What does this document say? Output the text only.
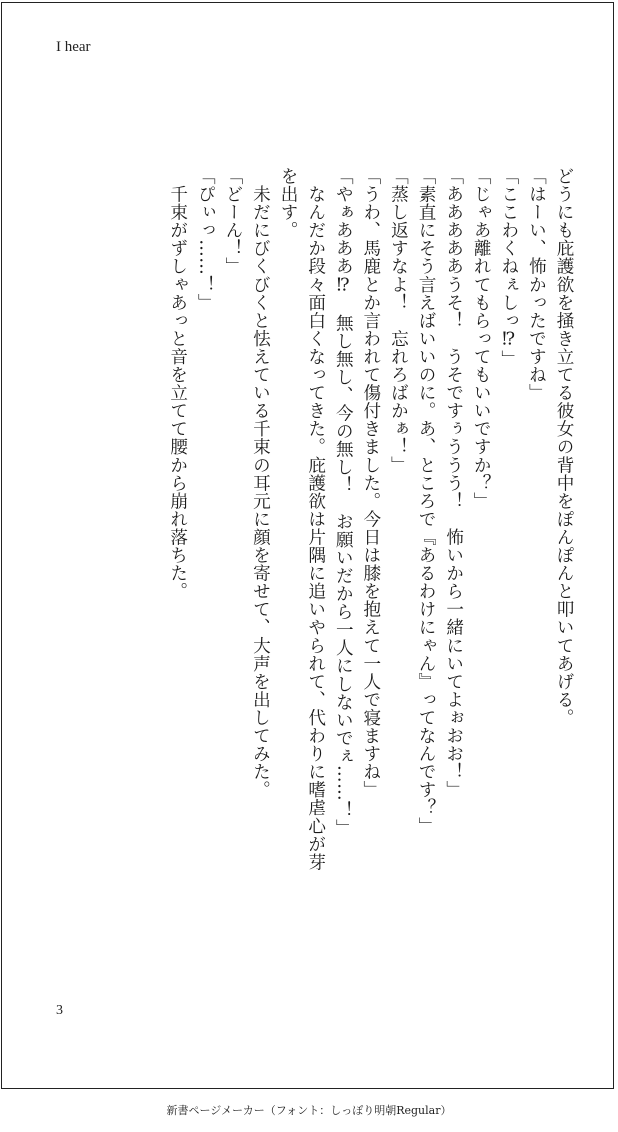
I hear
どうにも庇護欲を掻き立てる彼女の背中をぽんぽんと叩いてあげる。
「はーい、怖かったですね」
「ここわくねぇしっ⁉」
「じゃあ離れてもらってもいいですか？」
「あああああうそ！　うそですぅううう！　怖いから一緒にいてよぉおお！」
「素直にそう言えばいいのに。あ、ところで『あるわけにゃん』ってなんです？」
「蒸し返すなよ！　忘れろばかぁ！」
「うわ、馬鹿とか言われて傷付きました。今日は膝を抱えて一人で寝ますね」
「やぁあああ⁉　無し無し、今の無し！　お願いだから一人にしないでぇ……！」
　なんだか段々面白くなってきた。庇護欲は片隅に追いやられて、代わりに嗜虐心が芽
を出す。
　未だにびくびくと怯えている千束の耳元に顔を寄せて、大声を出してみた。
「どーん！」
「ぴぃっ……！」
　千束がずしゃあっと音を立てて腰から崩れ落ちた。
3
新書ページメーカー（フォント：しっぽり明朝Regular）
